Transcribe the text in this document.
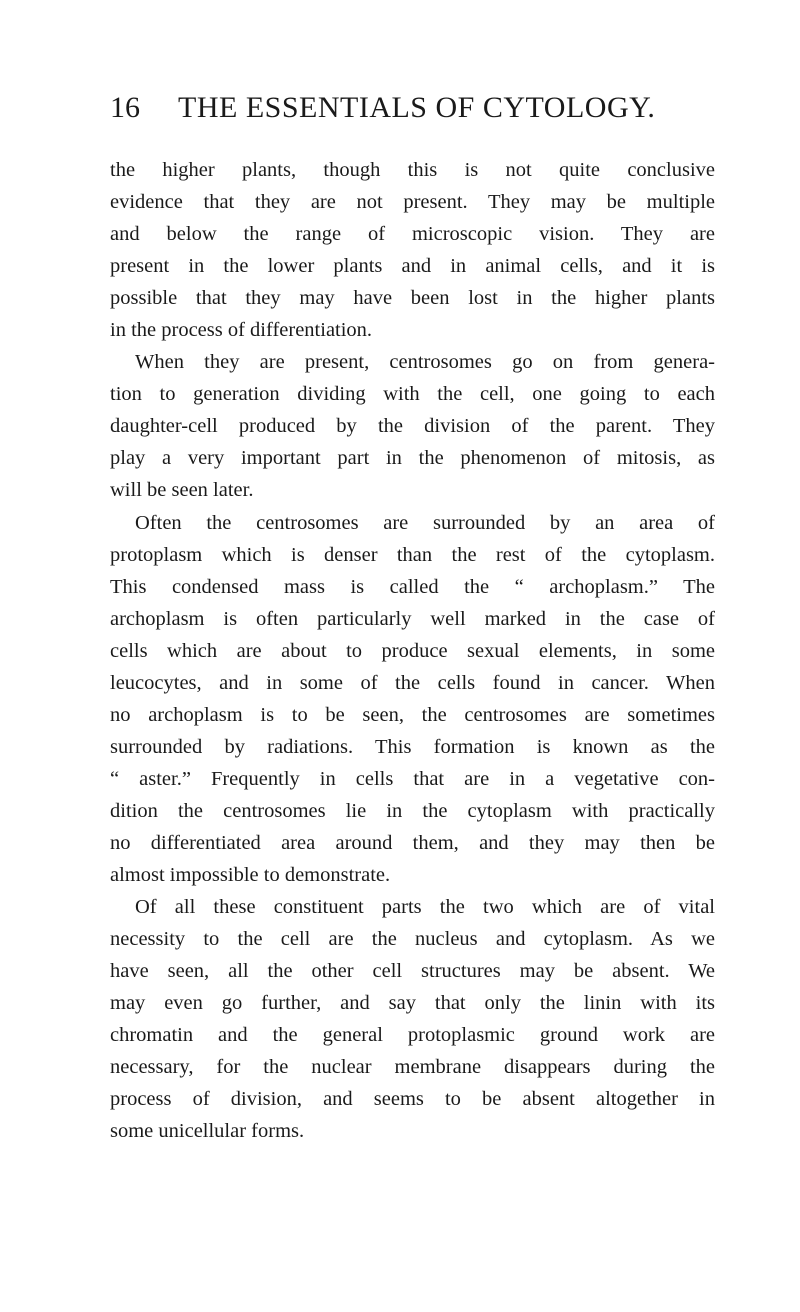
16 THE ESSENTIALS OF CYTOLOGY.
the higher plants, though this is not quite conclusive
evidence that they are not present. They may be multiple
and below the range of microscopic vision. They are
present in the lower plants and in animal cells, and it is
possible that they may have been lost in the higher plants
in the process of differentiation.
When they are present, centrosomes go on from genera-
tion to generation dividing with the cell, one going to each
daughter-cell produced by the division of the parent. They
play a very important part in the phenomenon of mitosis, as
will be seen later.
Often the centrosomes are surrounded by an area of
protoplasm which is denser than the rest of the cytoplasm.
This condensed mass is called the “ archoplasm.” The
archoplasm is often particularly well marked in the case of
cells which are about to produce sexual elements, in some
leucocytes, and in some of the cells found in cancer. When
no archoplasm is to be seen, the centrosomes are sometimes
surrounded by radiations. This formation is known as the
“ aster.” Frequently in cells that are in a vegetative con-
dition the centrosomes lie in the cytoplasm with practically
no differentiated area around them, and they may then be
almost impossible to demonstrate.
Of all these constituent parts the two which are of vital
necessity to the cell are the nucleus and cytoplasm. As we
have seen, all the other cell structures may be absent. We
may even go further, and say that only the linin with its
chromatin and the general protoplasmic ground work are
necessary, for the nuclear membrane disappears during the
process of division, and seems to be absent altogether in
some unicellular forms.
